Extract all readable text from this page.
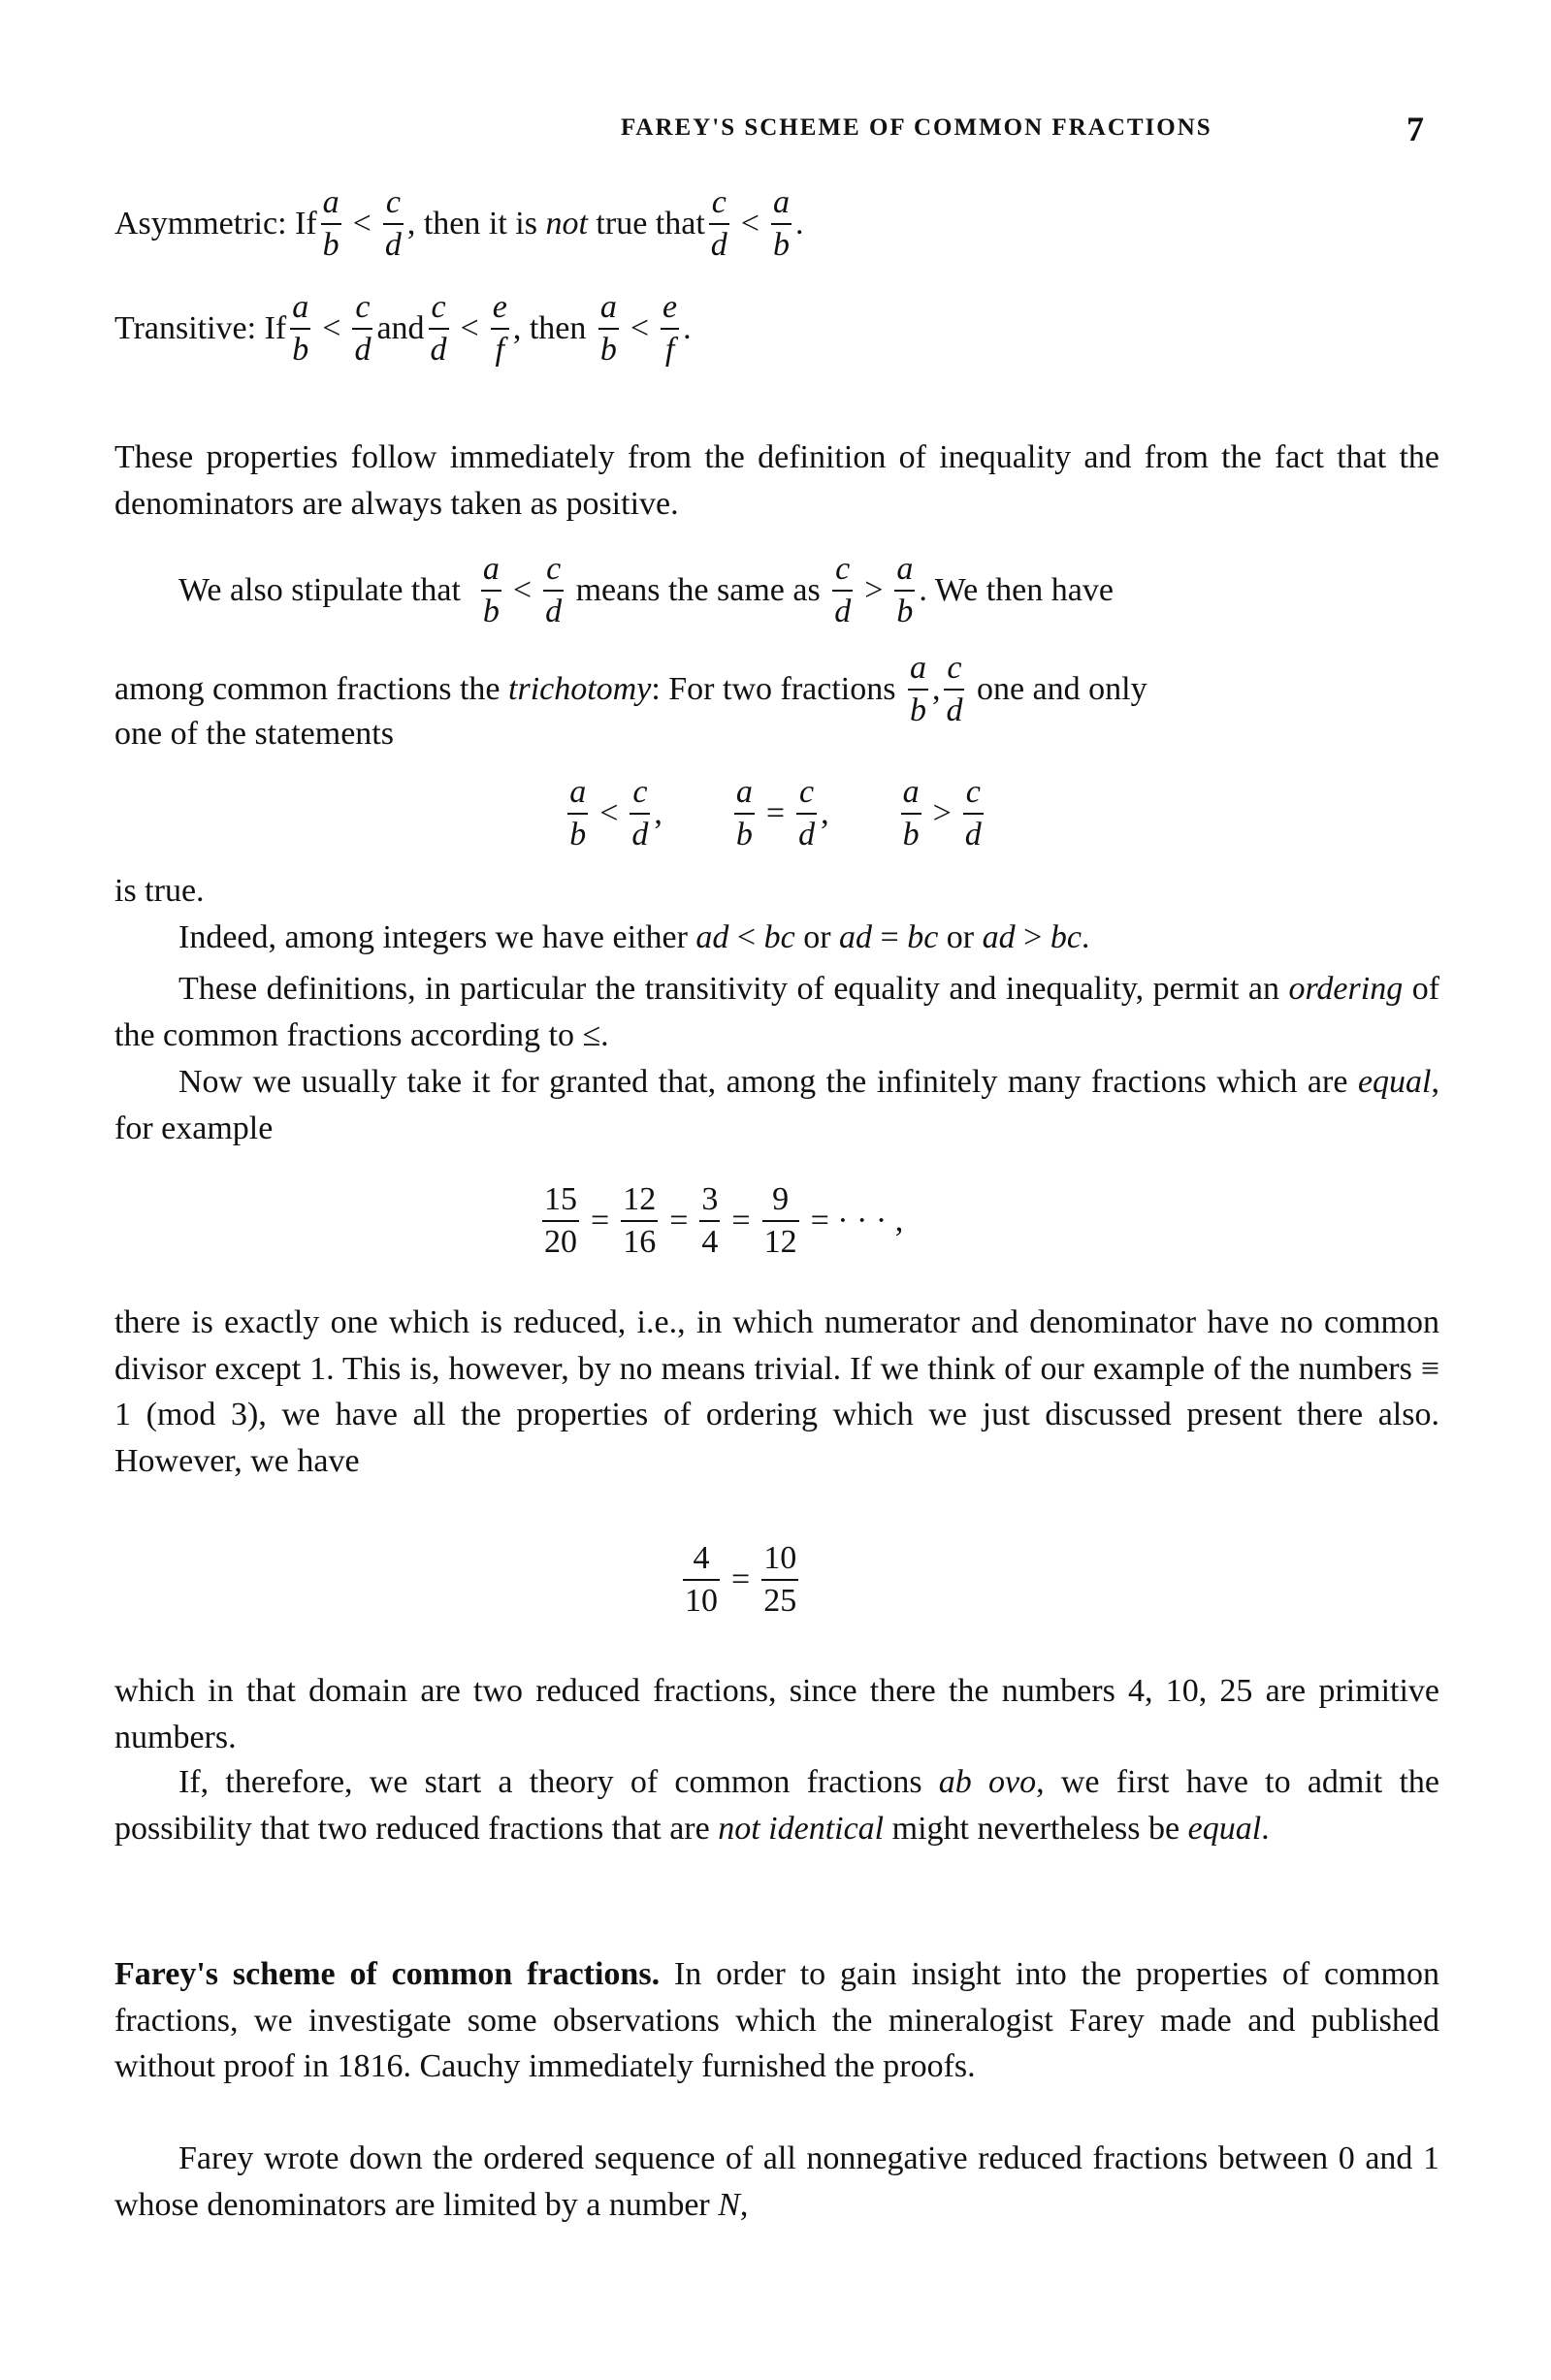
FAREY'S SCHEME OF COMMON FRACTIONS	7
Asymmetric: If $\frac{a}{b} < \frac{c}{d}$ , then it is
not
true that $\frac{c}{d} < \frac{a}{b}$ .
Transitive: If $\frac{a}{b} < \frac{c}{d}$ and $\frac{c}{d} < \frac{e}{f}$ , then
$\frac{a}{b} < \frac{e}{f}$ .
These properties follow immediately from the definition of inequality and from the fact that the denominators are always taken as positive.
We also stipulate that
$\frac{a}{b} < \frac{c}{d}$
means the same as
$\frac{c}{d} > \frac{a}{b}$ . We then have
among common fractions the
trichotomy : For two fractions
$\frac{a}{b}$ , $\frac{c}{d}$
one and only
one of the statements
$\frac{a}{b} < \frac{c}{d}$ , $\frac{a}{b} = \frac{c}{d}$ , $\frac{a}{b} > \frac{c}{d}$
is true.
Indeed, among integers we have either
ad
<
bc
or
ad
=
bc
or
ad
>
bc .
These definitions, in particular the transitivity of equality and inequality, permit an ordering of the common fractions according to ≤.
Now we usually take it for granted that, among the infinitely many fractions which are equal, for example
$\frac{15}{20} = \frac{12}{16} = \frac{3}{4} = \frac{9}{12}$ = · · · ,
there is exactly one which is reduced, i.e., in which numerator and denominator have no common divisor except 1. This is, however, by no means trivial. If we think of our example of the numbers ≡ 1 (mod 3), we have all the properties of ordering which we just discussed present there also. However, we have
$\frac{4}{10} = \frac{10}{25}$
which in that domain are two reduced fractions, since there the numbers 4, 10, 25 are primitive numbers.
If, therefore, we start a theory of common fractions ab ovo, we first have to admit the possibility that two reduced fractions that are not identical might nevertheless be equal.
Farey's scheme of common fractions. In order to gain insight into the properties of common fractions, we investigate some observations which the mineralogist Farey made and published without proof in 1816. Cauchy immediately furnished the proofs.
Farey wrote down the ordered sequence of all nonnegative reduced fractions between 0 and 1 whose denominators are limited by a number N,
